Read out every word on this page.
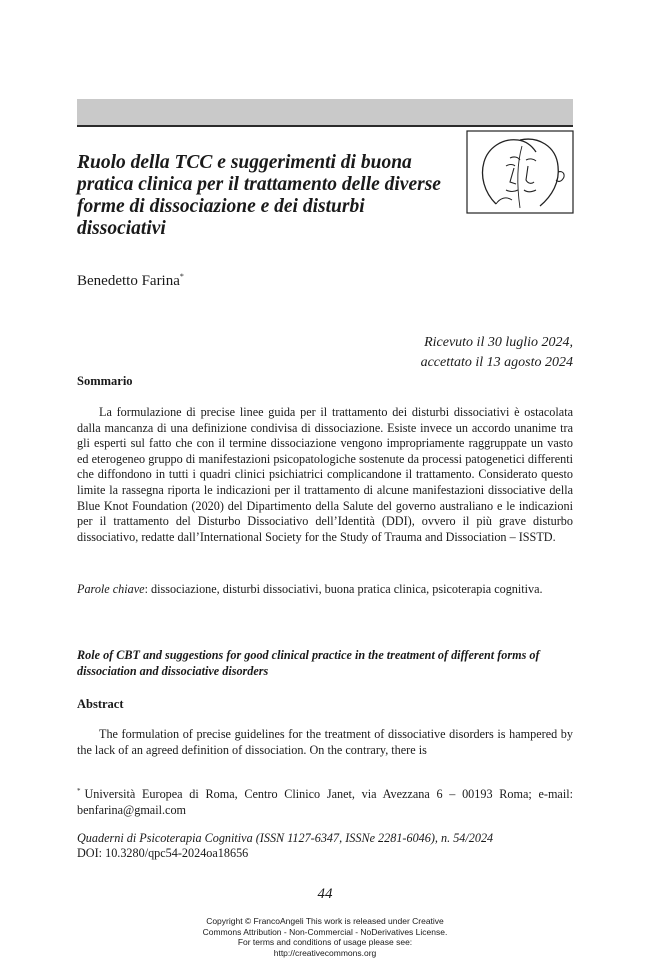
Ruolo della TCC e suggerimenti di buona pratica clinica per il trattamento delle diverse forme di dissociazione e dei disturbi dissociativi

Benedetto Farina*

Ricevuto il 30 luglio 2024,
accettato il 13 agosto 2024
Sommario

La formulazione di precise linee guida per il trattamento dei disturbi dissociativi è ostacolata dalla mancanza di una definizione condivisa di dissociazione. Esiste invece un accordo unanime tra gli esperti sul fatto che con il termine dissociazione vengono impropriamente raggruppate un vasto ed eterogeneo gruppo di manifestazioni psicopatologiche sostenute da processi patogenetici differenti che diffondono in tutti i quadri clinici psichiatrici complicandone il trattamento. Considerato questo limite la rassegna riporta le indicazioni per il trattamento di alcune manifestazioni dissociative della Blue Knot Foundation (2020) del Dipartimento della Salute del governo australiano e le indicazioni per il trattamento del Disturbo Dissociativo dell’Identità (DDI), ovvero il più grave disturbo dissociativo, redatte dall’International Society for the Study of Trauma and Dissociation – ISSTD.

Parole chiave: dissociazione, disturbi dissociativi, buona pratica clinica, psicoterapia cognitiva.

Role of CBT and suggestions for good clinical practice in the treatment of different forms of dissociation and dissociative disorders

Abstract

The formulation of precise guidelines for the treatment of dissociative disorders is hampered by the lack of an agreed definition of dissociation. On the contrary, there is

* Università Europea di Roma, Centro Clinico Janet, via Avezzana 6 – 00193 Roma; e-mail: benfarina@gmail.com

Quaderni di Psicoterapia Cognitiva (ISSN 1127-6347, ISSNe 2281-6046), n. 54/2024
DOI: 10.3280/qpc54-2024oa18656

44

Copyright © FrancoAngeli This work is released under Creative
Commons Attribution - Non-Commercial - NoDerivatives License.
For terms and conditions of usage please see:
http://creativecommons.org
